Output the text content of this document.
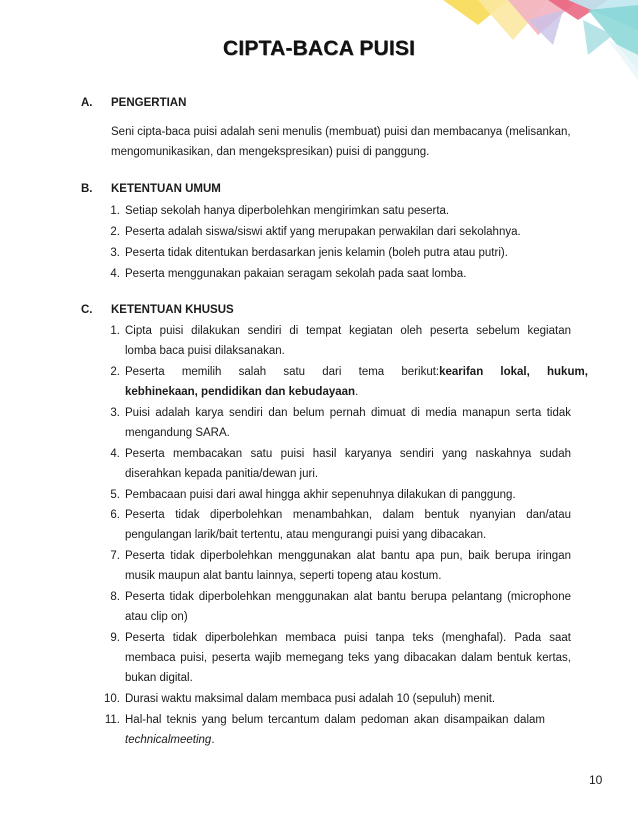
CIPTA-BACA PUISI
A. PENGERTIAN
Seni cipta-baca puisi adalah seni menulis (membuat) puisi dan membacanya (melisankan,
mengomunikasikan, dan mengekspresikan) puisi di panggung.
B. KETENTUAN UMUM
1. Setiap sekolah hanya diperbolehkan mengirimkan satu peserta.
2. Peserta adalah siswa/siswi aktif yang merupakan perwakilan dari sekolahnya.
3. Peserta tidak ditentukan berdasarkan jenis kelamin (boleh putra atau putri).
4. Peserta menggunakan pakaian seragam sekolah pada saat lomba.
C. KETENTUAN KHUSUS
1. Cipta puisi dilakukan sendiri di tempat kegiatan oleh peserta sebelum kegiatan
lomba baca puisi dilaksanakan.
2. Peserta memilih salah satu dari tema berikut: kearifan lokal, hukum,
kebhinekaan, pendidikan dan kebudayaan.
3. Puisi adalah karya sendiri dan belum pernah dimuat di media manapun serta tidak
mengandung SARA.
4. Peserta membacakan satu puisi hasil karyanya sendiri yang naskahnya sudah
diserahkan kepada panitia/dewan juri.
5. Pembacaan puisi dari awal hingga akhir sepenuhnya dilakukan di panggung.
6. Peserta tidak diperbolehkan menambahkan, dalam bentuk nyanyian dan/atau
pengulangan larik/bait tertentu, atau mengurangi puisi yang dibacakan.
7. Peserta tidak diperbolehkan menggunakan alat bantu apa pun, baik berupa iringan
musik maupun alat bantu lainnya, seperti topeng atau kostum.
8. Peserta tidak diperbolehkan menggunakan alat bantu berupa pelantang (microphone
atau clip on)
9. Peserta tidak diperbolehkan membaca puisi tanpa teks (menghafal). Pada saat
membaca puisi, peserta wajib memegang teks yang dibacakan dalam bentuk kertas,
bukan digital.
10. Durasi waktu maksimal dalam membaca pusi adalah 10 (sepuluh) menit.
11. Hal-hal teknis yang belum tercantum dalam pedoman akan disampaikan dalam
technicalmeeting.
10
